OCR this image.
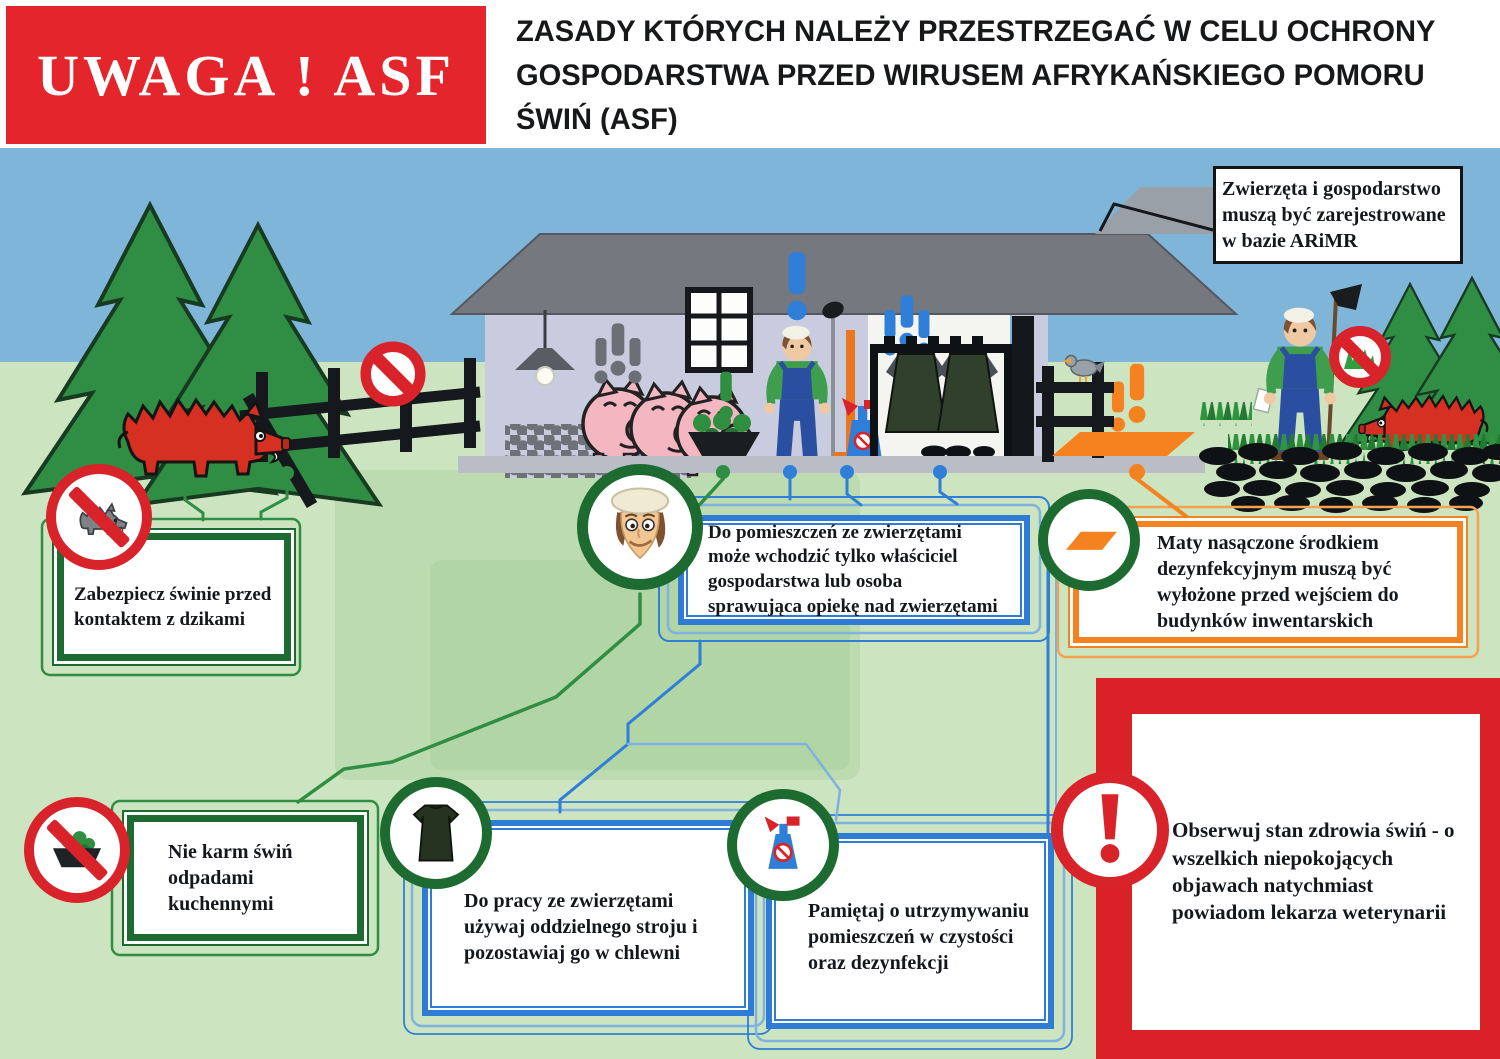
UWAGA ! ASF
ZASADY KTÓRYCH NALEŻY PRZESTRZEGAĆ W CELU OCHRONY
GOSPODARSTWA PRZED WIRUSEM AFRYKAŃSKIEGO POMORU
ŚWIŃ (ASF)
Zwierzęta i gospodarstwo muszą być zarejestrowane w bazie ARiMR
Zabezpiecz świnie przed kontaktem z dzikami
Do pomieszczeń ze zwierzętami może wchodzić tylko właściciel gospodarstwa lub osoba sprawująca opiekę nad zwierzętami
Maty nasączone środkiem dezynfekcyjnym muszą być wyłożone przed wejściem do budynków inwentarskich
Nie karm świń odpadami kuchennymi	Do pracy ze zwierzętami używaj oddzielnego stroju i pozostawiaj go w chlewni
Pamiętaj o utrzymywaniu pomieszczeń w czystości oraz dezynfekcji
Obserwuj stan zdrowia świń - o wszelkich niepokojących objawach natychmiast powiadom lekarza weterynarii
